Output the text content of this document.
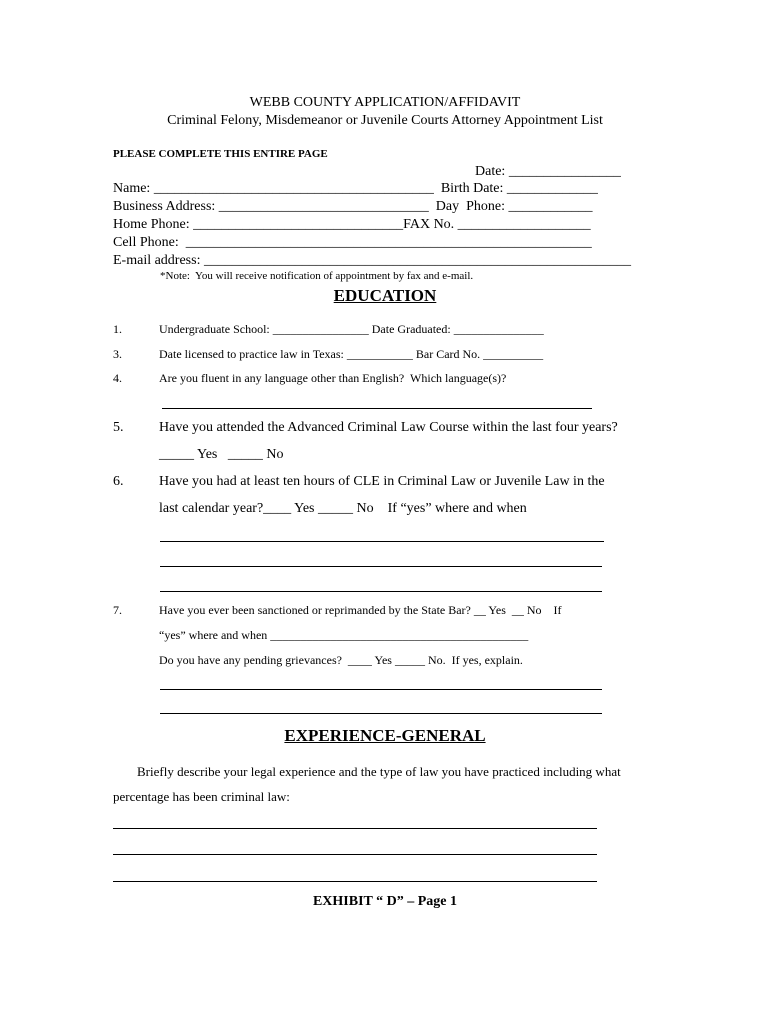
WEBB COUNTY APPLICATION/AFFIDAVIT
Criminal Felony, Misdemeanor or Juvenile Courts Attorney Appointment List
PLEASE COMPLETE THIS ENTIRE PAGE
Date: ________________
Name: ________________________________________  Birth Date: _____________
Business Address: ______________________________  Day  Phone: ____________
Home Phone: ______________________________FAX No. ___________________
Cell Phone:  __________________________________________________________
E-mail address: _____________________________________________________________
*Note:  You will receive notification of appointment by fax and e-mail.
EDUCATION
1.	Undergraduate School: ________________ Date Graduated: _______________
3.	Date licensed to practice law in Texas: ___________ Bar Card No. __________
4.	Are you fluent in any language other than English?  Which language(s)?
5.	Have you attended the Advanced Criminal Law Course within the last four years?
_____ Yes   _____ No
6.	Have you had at least ten hours of CLE in Criminal Law or Juvenile Law in the
last calendar year?____ Yes _____ No    If “yes” where and when
7.	Have you ever been sanctioned or reprimanded by the State Bar? __ Yes  __ No    If
“yes” where and when ___________________________________________
Do you have any pending grievances?  ____ Yes _____ No.  If yes, explain.
EXPERIENCE-GENERAL
Briefly describe your legal experience and the type of law you have practiced including what
percentage has been criminal law:
EXHIBIT “ D” – Page 1
